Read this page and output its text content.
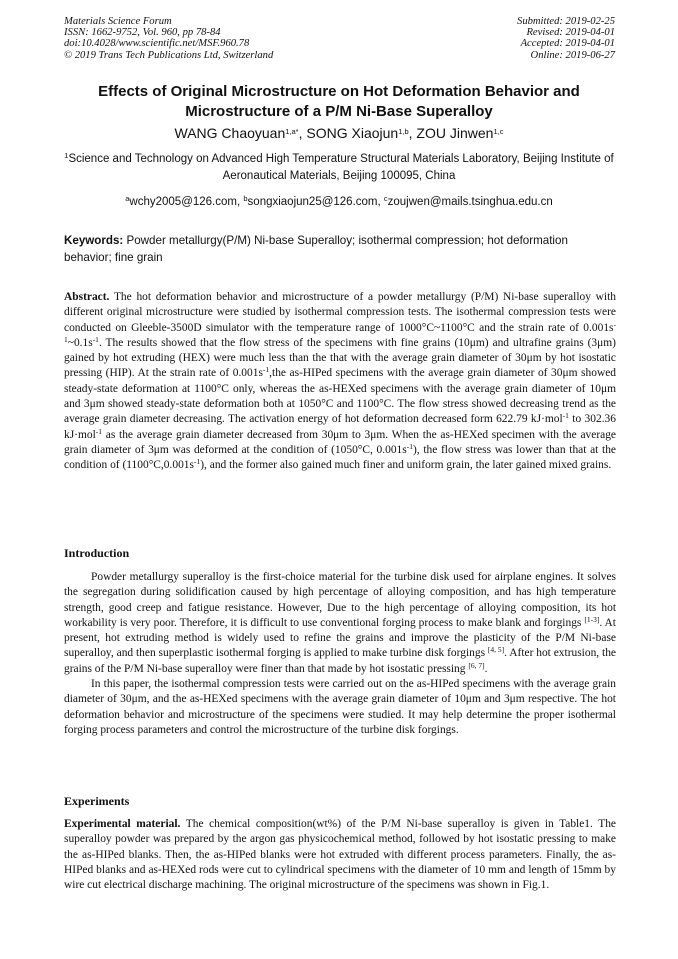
Materials Science Forum
ISSN: 1662-9752, Vol. 960, pp 78-84
doi:10.4028/www.scientific.net/MSF.960.78
© 2019 Trans Tech Publications Ltd, Switzerland
Submitted: 2019-02-25
Revised: 2019-04-01
Accepted: 2019-04-01
Online: 2019-06-27
Effects of Original Microstructure on Hot Deformation Behavior and
Microstructure of a P/M Ni-Base Superalloy
WANG Chaoyuan$^{1,a*}$, SONG Xiaojun$^{1,b}$, ZOU Jinwen$^{1,c}$
$^1$Science and Technology on Advanced High Temperature Structural Materials Laboratory, Beijing Institute of Aeronautical Materials, Beijing 100095, China
$^a$wchy2005@126.com, $^b$songxiaojun25@126.com, $^c$zoujwen@mails.tsinghua.edu.cn
Keywords: Powder metallurgy(P/M) Ni-base Superalloy; isothermal compression; hot deformation behavior; fine grain

Abstract. The hot deformation behavior and microstructure of a powder metallurgy (P/M) Ni-base superalloy with different original microstructure were studied by isothermal compression tests. The isothermal compression tests were conducted on Gleeble-3500D simulator with the temperature range of 1000°C~1100°C and the strain rate of $0.001s^{-1}\sim 0.1s^{-1}$. The results showed that the flow stress of the specimens with fine grains (10μm) and ultrafine grains (3μm) gained by hot extruding (HEX) were much less than the that with the average grain diameter of 30μm by hot isostatic pressing (HIP). At the strain rate of $0.001s^{-1},the$ as-HIPed specimens with the average grain diameter of 30μm showed steady-state deformation at 1100°C only, whereas the as-HEXed specimens with the average grain diameter of 10μm and 3μm showed steady-state deformation both at 1050°C and 1100°C. The flow stress showed decreasing trend as the average grain diameter decreasing. The activation energy of hot deformation decreased form 622.79 kJ·mol$^{-1}$ to 302.36 kJ·mol$^{-1}$ as the average grain diameter decreased from 30μm to 3μm. When the as-HEXed specimen with the average grain diameter of 3μm was deformed at the condition of (1050°C, $0.001s^{-1}$), the flow stress was lower than that at the condition of $(1100^\circ C,0.001s^{-1})$, and the former also gained much finer and uniform grain, the later gained mixed grains.

Introduction

Powder metallurgy superalloy is the first-choice material for the turbine disk used for airplane engines. It solves the segregation during solidification caused by high percentage of alloying composition, and has high temperature strength, good creep and fatigue resistance. However, Due to the high percentage of alloying composition, its hot workability is very poor. Therefore, it is difficult to use conventional forging process to make blank and forgings [1-3]. At present, hot extruding method is widely used to refine the grains and improve the plasticity of the P/M Ni-base superalloy, and then superplastic isothermal forging is applied to make turbine disk forgings [4, 5]. After hot extrusion, the grains of the P/M Ni-base superalloy were finer than that made by hot isostatic pressing [6, 7].

In this paper, the isothermal compression tests were carried out on the as-HIPed specimens with the average grain diameter of 30μm, and the as-HEXed specimens with the average grain diameter of 10μm and 3μm respective. The hot deformation behavior and microstructure of the specimens were studied. It may help determine the proper isothermal forging process parameters and control the microstructure of the turbine disk forgings.

Experiments

Experimental material. The chemical composition(wt%) of the P/M Ni-base superalloy is given in Table1. The superalloy powder was prepared by the argon gas physicochemical method, followed by hot isostatic pressing to make the as-HIPed blanks. Then, the as-HIPed blanks were hot extruded with different process parameters. Finally, the as-HIPed blanks and as-HEXed rods were cut to cylindrical specimens with the diameter of 10 mm and length of 15mm by wire cut electrical discharge machining. The original microstructure of the specimens was shown in Fig.1.
